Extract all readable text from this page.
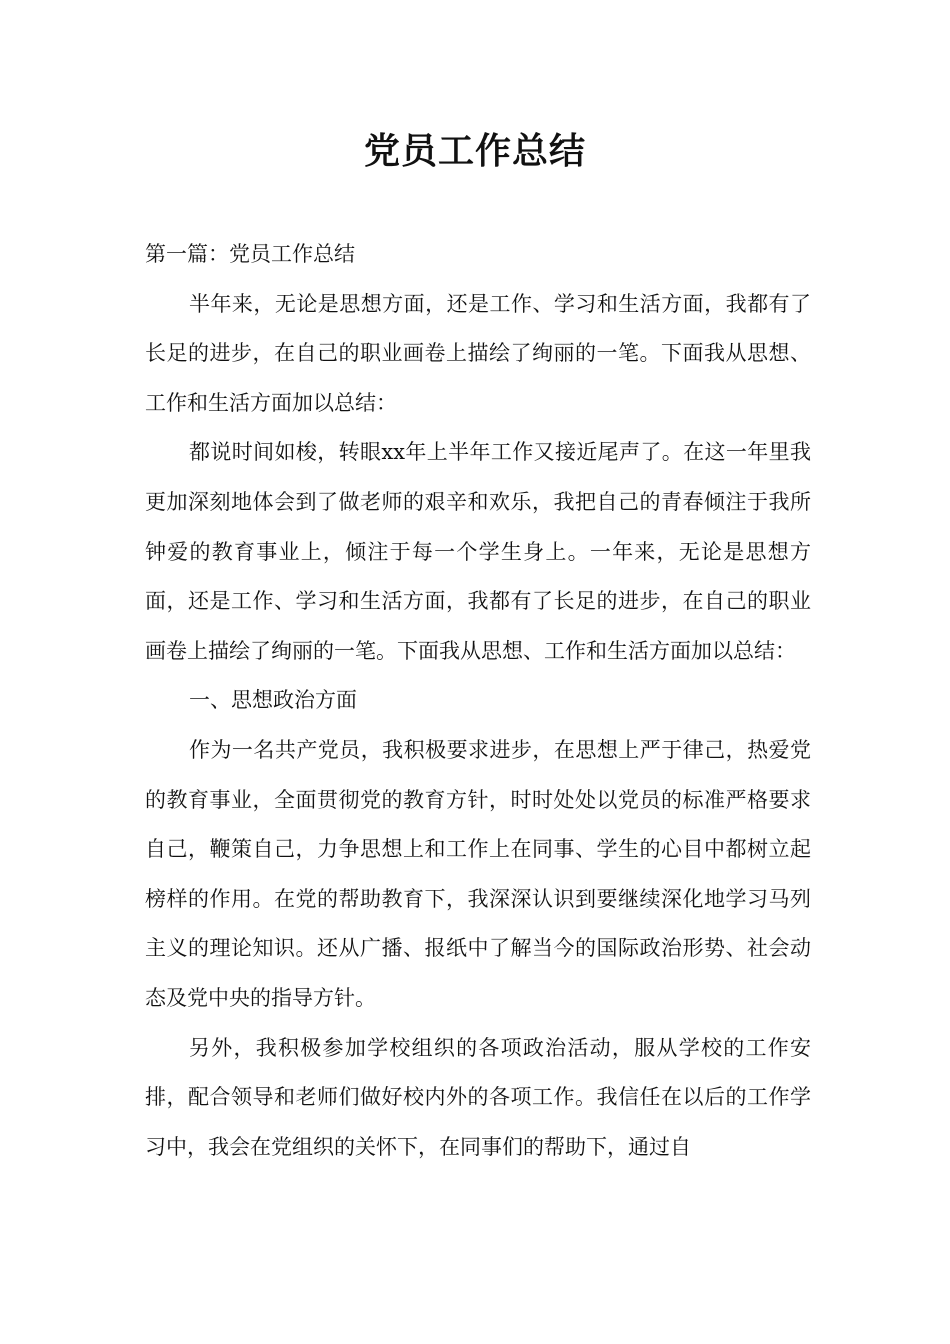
党员工作总结

第一篇：党员工作总结

半年来，无论是思想方面，还是工作、学习和生活方面，我都有了长足的进步，在自己的职业画卷上描绘了绚丽的一笔。下面我从思想、工作和生活方面加以总结：

都说时间如梭，转眼xx年上半年工作又接近尾声了。在这一年里我更加深刻地体会到了做老师的艰辛和欢乐，我把自己的青春倾注于我所钟爱的教育事业上，倾注于每一个学生身上。一年来，无论是思想方面，还是工作、学习和生活方面，我都有了长足的进步，在自己的职业画卷上描绘了绚丽的一笔。下面我从思想、工作和生活方面加以总结：

一、思想政治方面

作为一名共产党员，我积极要求进步，在思想上严于律己，热爱党的教育事业，全面贯彻党的教育方针，时时处处以党员的标准严格要求自己，鞭策自己，力争思想上和工作上在同事、学生的心目中都树立起榜样的作用。在党的帮助教育下，我深深认识到要继续深化地学习马列主义的理论知识。还从广播、报纸中了解当今的国际政治形势、社会动态及党中央的指导方针。

另外，我积极参加学校组织的各项政治活动，服从学校的工作安排，配合领导和老师们做好校内外的各项工作。我信任在以后的工作学习中，我会在党组织的关怀下，在同事们的帮助下，通过自
